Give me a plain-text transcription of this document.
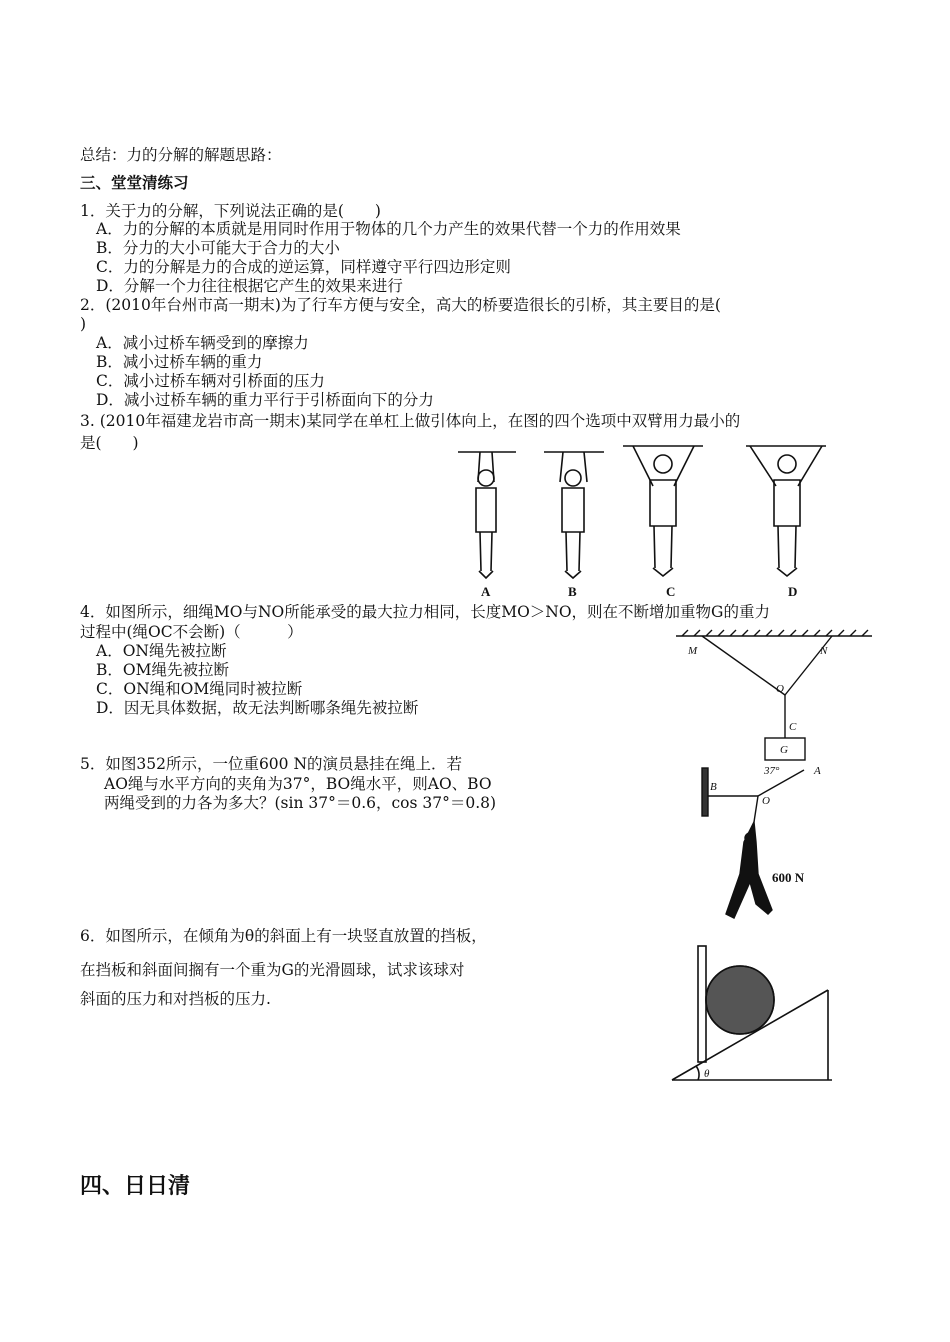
总结：力的分解的解题思路：
三、堂堂清练习
1．关于力的分解，下列说法正确的是(　　)
A．力的分解的本质就是用同时作用于物体的几个力产生的效果代替一个力的作用效果
B．分力的大小可能大于合力的大小
C．力的分解是力的合成的逆运算，同样遵守平行四边形定则
D．分解一个力往往根据它产生的效果来进行
2．(2010年台州市高一期末)为了行车方便与安全，高大的桥要造很长的引桥，其主要目的是(
)
A．减小过桥车辆受到的摩擦力
B．减小过桥车辆的重力
C．减小过桥车辆对引桥面的压力
D．减小过桥车辆的重力平行于引桥面向下的分力
3. (2010年福建龙岩市高一期末)某同学在单杠上做引体向上，在图的四个选项中双臂用力最小的
是(　　)
A	B	C	D
4．如图所示，细绳MO与NO所能承受的最大拉力相同，长度MO＞NO，则在不断增加重物G的重力
过程中(绳OC不会断)（　　　）
A．ON绳先被拉断
B．OM绳先被拉断
C．ON绳和OM绳同时被拉断
D．因无具体数据，故无法判断哪条绳先被拉断
M	N
O
C
G
5．如图352所示，一位重600 N的演员悬挂在绳上．若
AO绳与水平方向的夹角为37°，BO绳水平，则AO、BO
两绳受到的力各为多大？(sin 37°＝0.6，cos 37°＝0.8)
B
O
37°	A
600 N
6．如图所示，在倾角为θ的斜面上有一块竖直放置的挡板，
在挡板和斜面间搁有一个重为G的光滑圆球，试求该球对
斜面的压力和对挡板的压力.
θ
四、日日清
